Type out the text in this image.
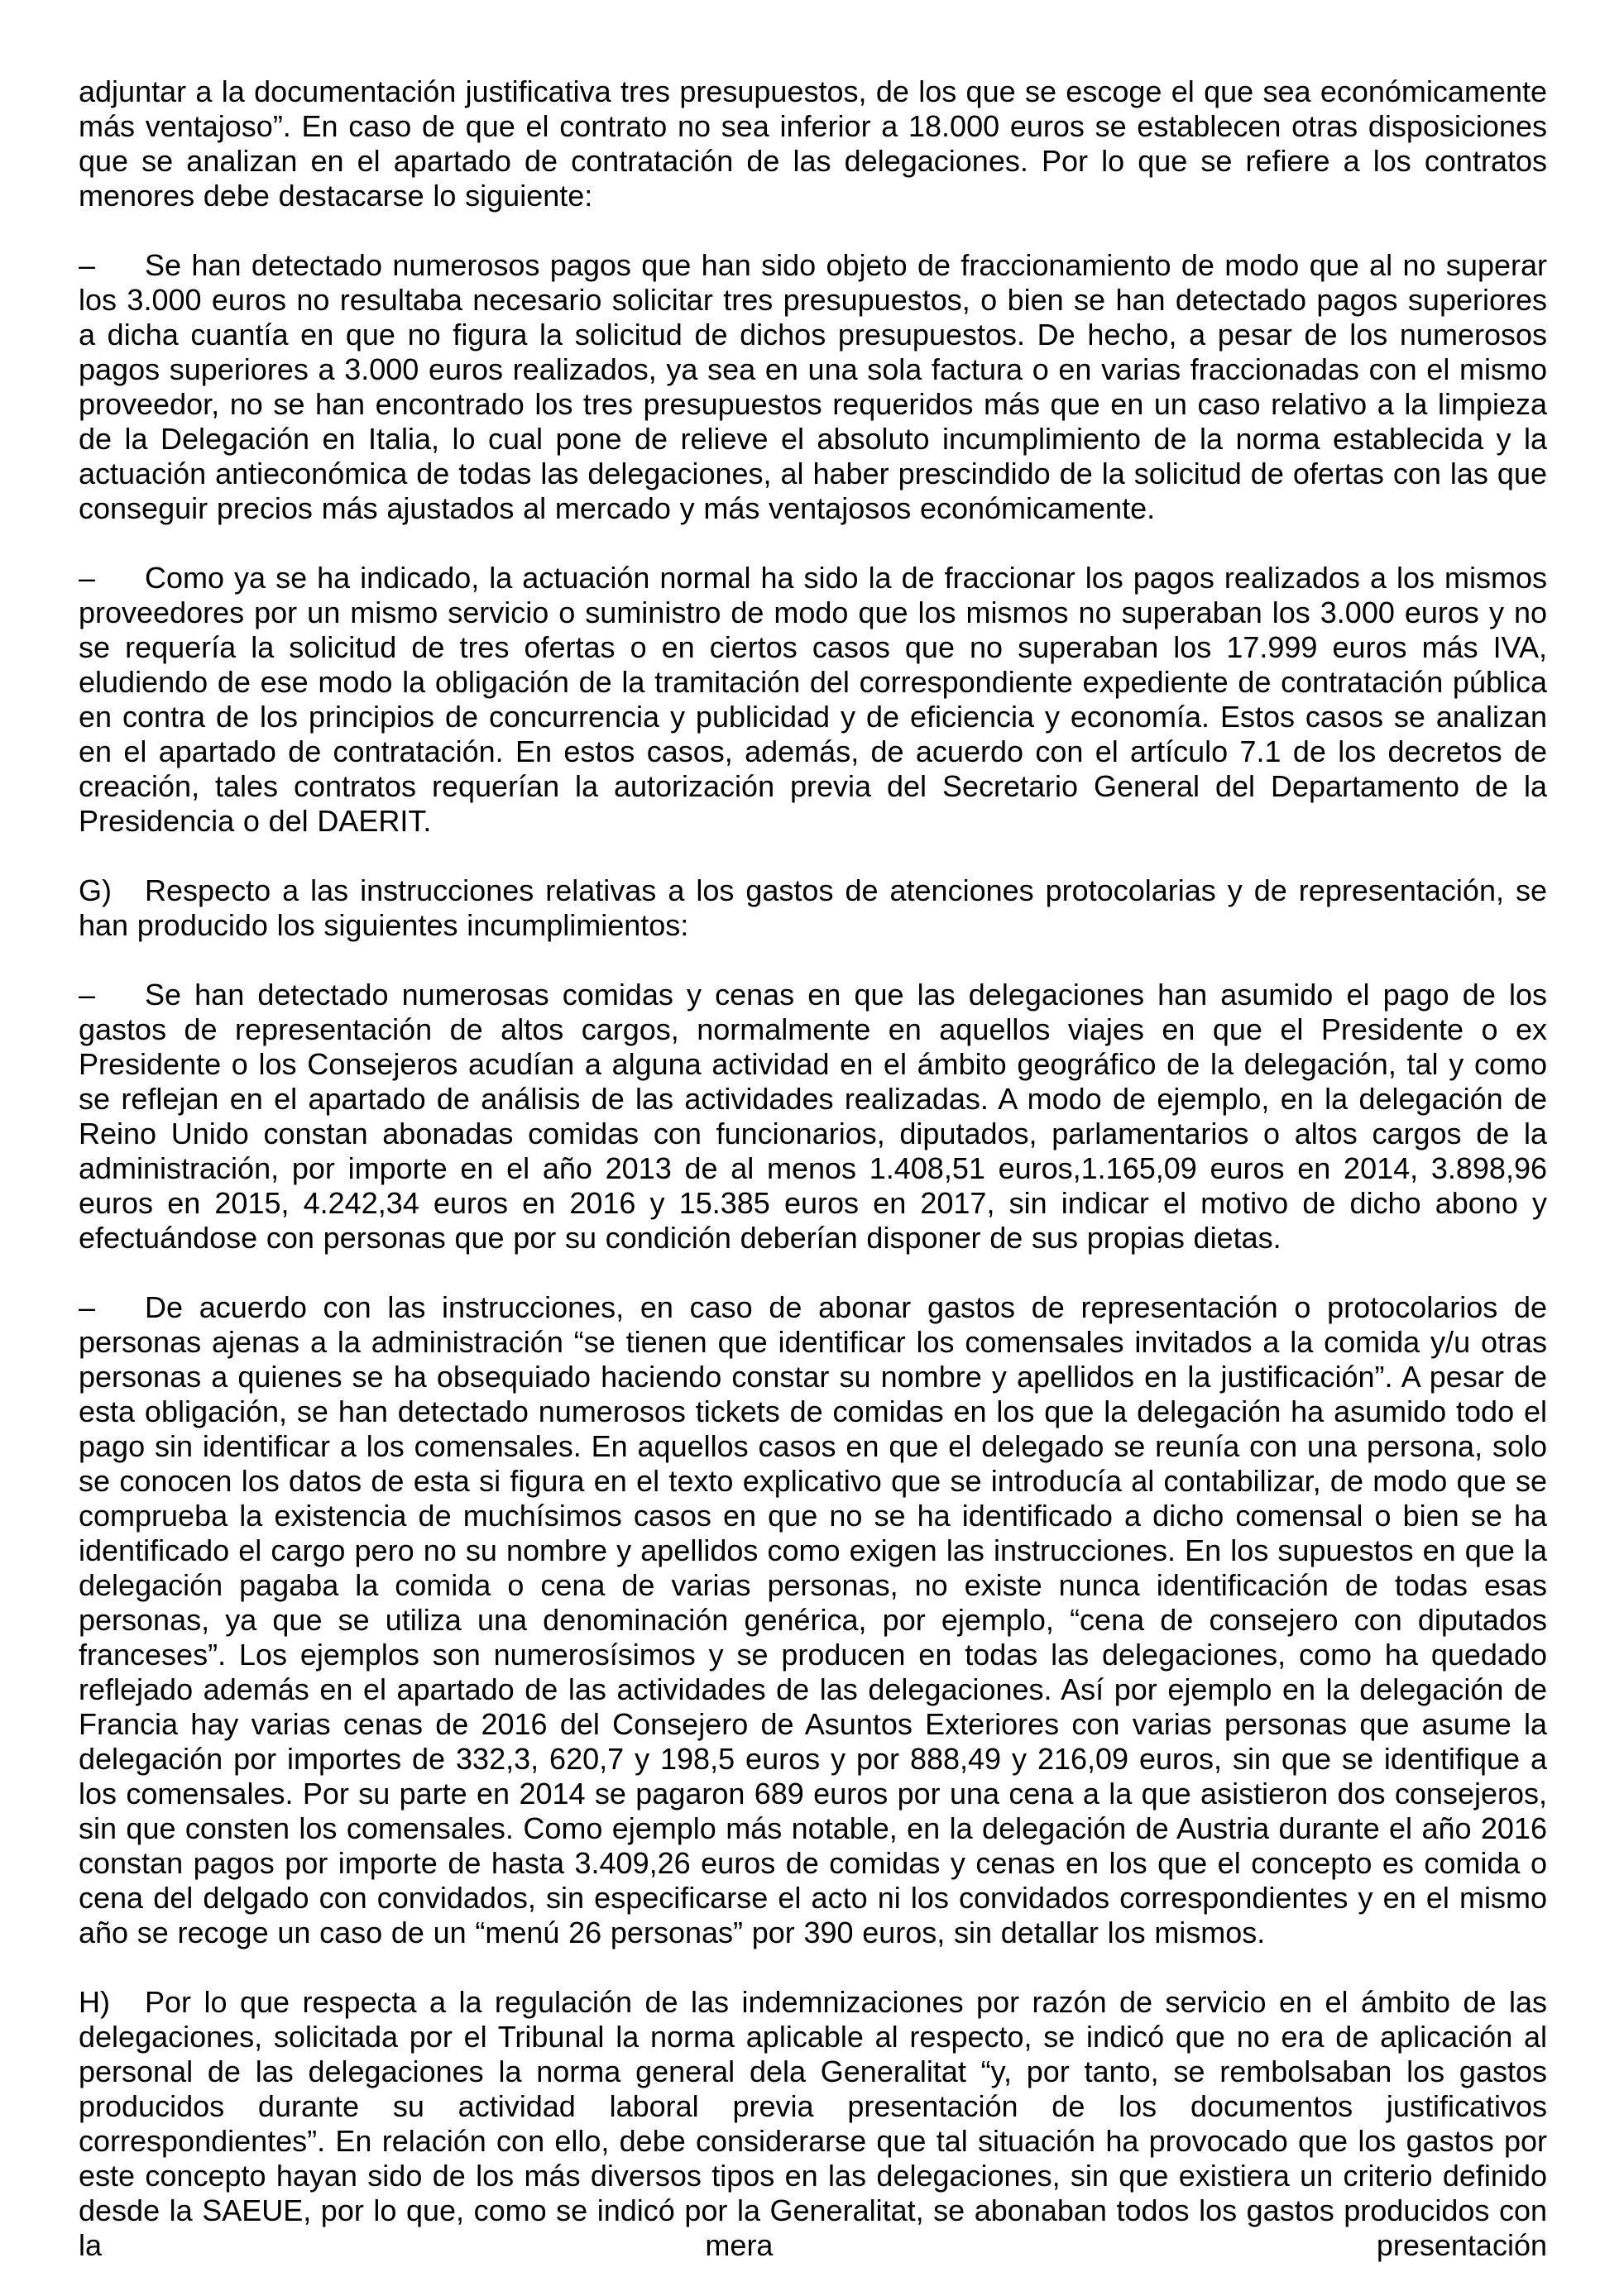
adjuntar a la documentación justificativa tres presupuestos, de los que se escoge el que sea económicamente más ventajoso”. En caso de que el contrato no sea inferior a 18.000 euros se establecen otras disposiciones que se analizan en el apartado de contratación de las delegaciones. Por lo que se refiere a los contratos menores debe destacarse lo siguiente:

– Se han detectado numerosos pagos que han sido objeto de fraccionamiento de modo que al no superar los 3.000 euros no resultaba necesario solicitar tres presupuestos, o bien se han detectado pagos superiores a dicha cuantía en que no figura la solicitud de dichos presupuestos. De hecho, a pesar de los numerosos pagos superiores a 3.000 euros realizados, ya sea en una sola factura o en varias fraccionadas con el mismo proveedor, no se han encontrado los tres presupuestos requeridos más que en un caso relativo a la limpieza de la Delegación en Italia, lo cual pone de relieve el absoluto incumplimiento de la norma establecida y la actuación antieconómica de todas las delegaciones, al haber prescindido de la solicitud de ofertas con las que conseguir precios más ajustados al mercado y más ventajosos económicamente.

– Como ya se ha indicado, la actuación normal ha sido la de fraccionar los pagos realizados a los mismos proveedores por un mismo servicio o suministro de modo que los mismos no superaban los 3.000 euros y no se requería la solicitud de tres ofertas o en ciertos casos que no superaban los 17.999 euros más IVA, eludiendo de ese modo la obligación de la tramitación del correspondiente expediente de contratación pública en contra de los principios de concurrencia y publicidad y de eficiencia y economía. Estos casos se analizan en el apartado de contratación. En estos casos, además, de acuerdo con el artículo 7.1 de los decretos de creación, tales contratos requerían la autorización previa del Secretario General del Departamento de la Presidencia o del DAERIT.

G) Respecto a las instrucciones relativas a los gastos de atenciones protocolarias y de representación, se han producido los siguientes incumplimientos:

– Se han detectado numerosas comidas y cenas en que las delegaciones han asumido el pago de los gastos de representación de altos cargos, normalmente en aquellos viajes en que el Presidente o ex Presidente o los Consejeros acudían a alguna actividad en el ámbito geográfico de la delegación, tal y como se reflejan en el apartado de análisis de las actividades realizadas. A modo de ejemplo, en la delegación de Reino Unido constan abonadas comidas con funcionarios, diputados, parlamentarios o altos cargos de la administración, por importe en el año 2013 de al menos 1.408,51 euros,1.165,09 euros en 2014, 3.898,96 euros en 2015, 4.242,34 euros en 2016 y 15.385 euros en 2017, sin indicar el motivo de dicho abono y efectuándose con personas que por su condición deberían disponer de sus propias dietas.

– De acuerdo con las instrucciones, en caso de abonar gastos de representación o protocolarios de personas ajenas a la administración “se tienen que identificar los comensales invitados a la comida y/u otras personas a quienes se ha obsequiado haciendo constar su nombre y apellidos en la justificación”. A pesar de esta obligación, se han detectado numerosos tickets de comidas en los que la delegación ha asumido todo el pago sin identificar a los comensales. En aquellos casos en que el delegado se reunía con una persona, solo se conocen los datos de esta si figura en el texto explicativo que se introducía al contabilizar, de modo que se comprueba la existencia de muchísimos casos en que no se ha identificado a dicho comensal o bien se ha identificado el cargo pero no su nombre y apellidos como exigen las instrucciones. En los supuestos en que la delegación pagaba la comida o cena de varias personas, no existe nunca identificación de todas esas personas, ya que se utiliza una denominación genérica, por ejemplo, “cena de consejero con diputados franceses”. Los ejemplos son numerosísimos y se producen en todas las delegaciones, como ha quedado reflejado además en el apartado de las actividades de las delegaciones. Así por ejemplo en la delegación de Francia hay varias cenas de 2016 del Consejero de Asuntos Exteriores con varias personas que asume la delegación por importes de 332,3, 620,7 y 198,5 euros y por 888,49 y 216,09 euros, sin que se identifique a los comensales. Por su parte en 2014 se pagaron 689 euros por una cena a la que asistieron dos consejeros, sin que consten los comensales. Como ejemplo más notable, en la delegación de Austria durante el año 2016 constan pagos por importe de hasta 3.409,26 euros de comidas y cenas en los que el concepto es comida o cena del delgado con convidados, sin especificarse el acto ni los convidados correspondientes y en el mismo año se recoge un caso de un “menú 26 personas” por 390 euros, sin detallar los mismos.

H) Por lo que respecta a la regulación de las indemnizaciones por razón de servicio en el ámbito de las delegaciones, solicitada por el Tribunal la norma aplicable al respecto, se indicó que no era de aplicación al personal de las delegaciones la norma general dela Generalitat “y, por tanto, se rembolsaban los gastos producidos durante su actividad laboral previa presentación de los documentos justificativos correspondientes”. En relación con ello, debe considerarse que tal situación ha provocado que los gastos por este concepto hayan sido de los más diversos tipos en las delegaciones, sin que existiera un criterio definido desde la SAEUE, por lo que, como se indicó por la Generalitat, se abonaban todos los gastos producidos con la mera presentación
